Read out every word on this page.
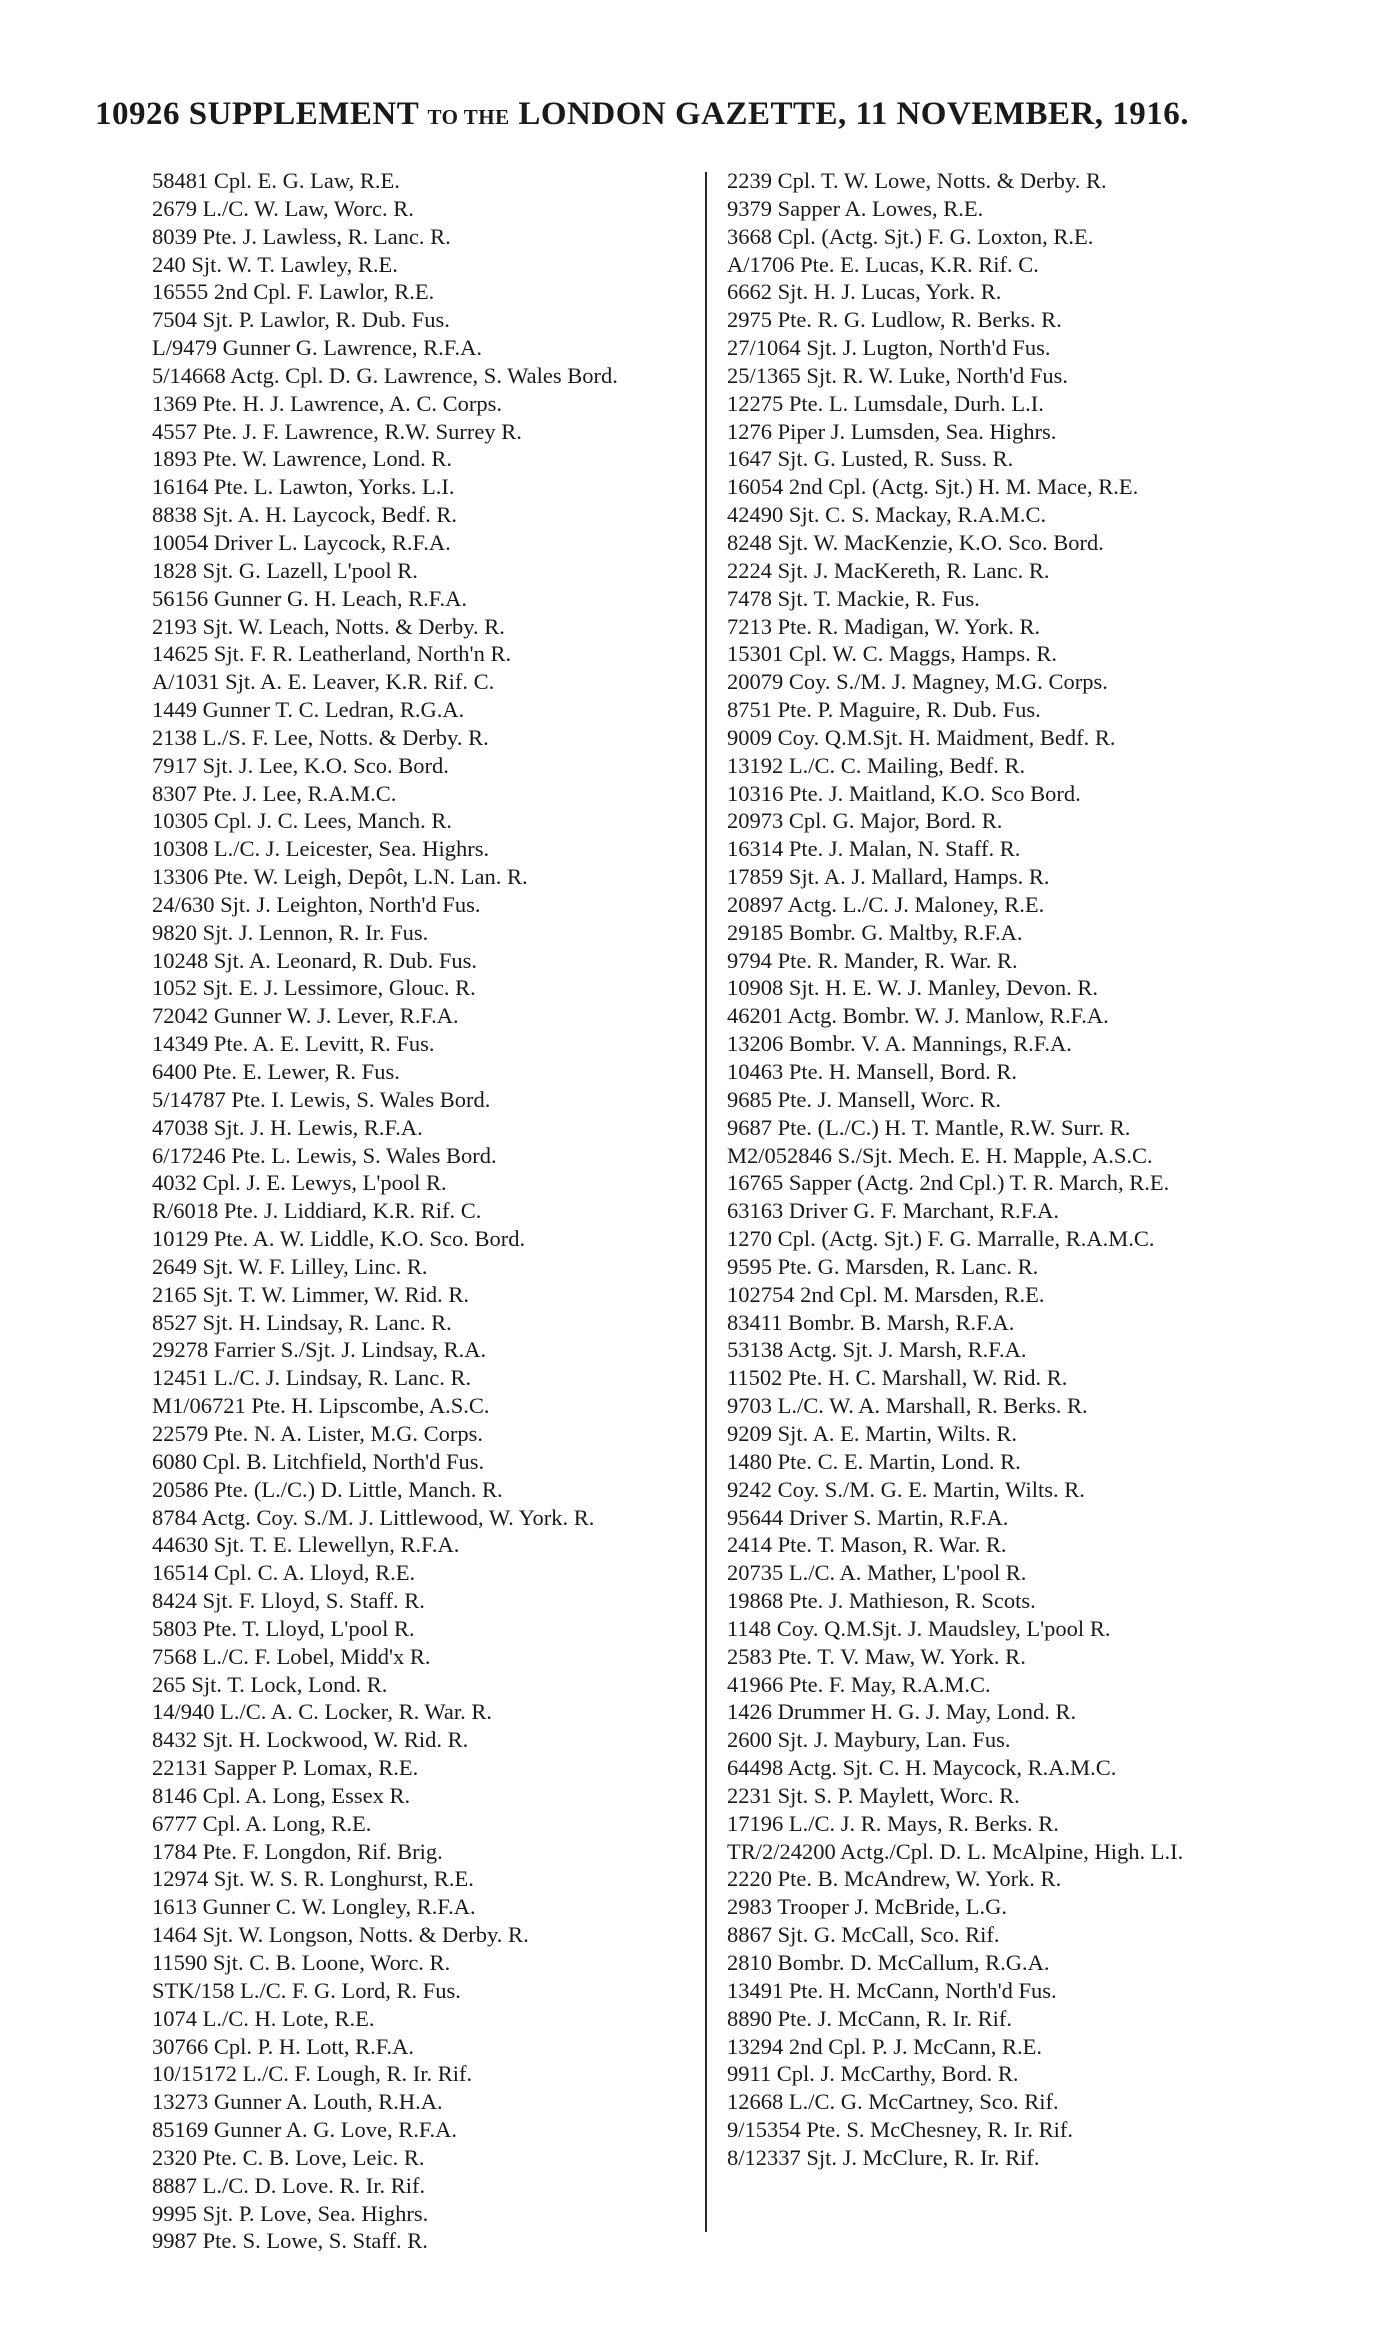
10926 SUPPLEMENT TO THE LONDON GAZETTE, 11 NOVEMBER, 1916.
58481 Cpl. E. G. Law, R.E.
2679 L./C. W. Law, Worc. R.
8039 Pte. J. Lawless, R. Lanc. R.
240 Sjt. W. T. Lawley, R.E.
16555 2nd Cpl. F. Lawlor, R.E.
7504 Sjt. P. Lawlor, R. Dub. Fus.
L/9479 Gunner G. Lawrence, R.F.A.
5/14668 Actg. Cpl. D. G. Lawrence, S. Wales Bord.
1369 Pte. H. J. Lawrence, A. C. Corps.
4557 Pte. J. F. Lawrence, R.W. Surrey R.
1893 Pte. W. Lawrence, Lond. R.
16164 Pte. L. Lawton, Yorks. L.I.
8838 Sjt. A. H. Laycock, Bedf. R.
10054 Driver L. Laycock, R.F.A.
1828 Sjt. G. Lazell, L'pool R.
56156 Gunner G. H. Leach, R.F.A.
2193 Sjt. W. Leach, Notts. & Derby. R.
14625 Sjt. F. R. Leatherland, North'n R.
A/1031 Sjt. A. E. Leaver, K.R. Rif. C.
1449 Gunner T. C. Ledran, R.G.A.
2138 L./S. F. Lee, Notts. & Derby. R.
7917 Sjt. J. Lee, K.O. Sco. Bord.
8307 Pte. J. Lee, R.A.M.C.
10305 Cpl. J. C. Lees, Manch. R.
10308 L./C. J. Leicester, Sea. Highrs.
13306 Pte. W. Leigh, Depôt, L.N. Lan. R.
24/630 Sjt. J. Leighton, North'd Fus.
9820 Sjt. J. Lennon, R. Ir. Fus.
10248 Sjt. A. Leonard, R. Dub. Fus.
1052 Sjt. E. J. Lessimore, Glouc. R.
72042 Gunner W. J. Lever, R.F.A.
14349 Pte. A. E. Levitt, R. Fus.
6400 Pte. E. Lewer, R. Fus.
5/14787 Pte. I. Lewis, S. Wales Bord.
47038 Sjt. J. H. Lewis, R.F.A.
6/17246 Pte. L. Lewis, S. Wales Bord.
4032 Cpl. J. E. Lewys, L'pool R.
R/6018 Pte. J. Liddiard, K.R. Rif. C.
10129 Pte. A. W. Liddle, K.O. Sco. Bord.
2649 Sjt. W. F. Lilley, Linc. R.
2165 Sjt. T. W. Limmer, W. Rid. R.
8527 Sjt. H. Lindsay, R. Lanc. R.
29278 Farrier S./Sjt. J. Lindsay, R.A.
12451 L./C. J. Lindsay, R. Lanc. R.
M1/06721 Pte. H. Lipscombe, A.S.C.
22579 Pte. N. A. Lister, M.G. Corps.
6080 Cpl. B. Litchfield, North'd Fus.
20586 Pte. (L./C.) D. Little, Manch. R.
8784 Actg. Coy. S./M. J. Littlewood, W. York. R.
44630 Sjt. T. E. Llewellyn, R.F.A.
16514 Cpl. C. A. Lloyd, R.E.
8424 Sjt. F. Lloyd, S. Staff. R.
5803 Pte. T. Lloyd, L'pool R.
7568 L./C. F. Lobel, Midd'x R.
265 Sjt. T. Lock, Lond. R.
14/940 L./C. A. C. Locker, R. War. R.
8432 Sjt. H. Lockwood, W. Rid. R.
22131 Sapper P. Lomax, R.E.
8146 Cpl. A. Long, Essex R.
6777 Cpl. A. Long, R.E.
1784 Pte. F. Longdon, Rif. Brig.
12974 Sjt. W. S. R. Longhurst, R.E.
1613 Gunner C. W. Longley, R.F.A.
1464 Sjt. W. Longson, Notts. & Derby. R.
11590 Sjt. C. B. Loone, Worc. R.
STK/158 L./C. F. G. Lord, R. Fus.
1074 L./C. H. Lote, R.E.
30766 Cpl. P. H. Lott, R.F.A.
10/15172 L./C. F. Lough, R. Ir. Rif.
13273 Gunner A. Louth, R.H.A.
85169 Gunner A. G. Love, R.F.A.
2320 Pte. C. B. Love, Leic. R.
8887 L./C. D. Love. R. Ir. Rif.
9995 Sjt. P. Love, Sea. Highrs.
9987 Pte. S. Lowe, S. Staff. R.
2239 Cpl. T. W. Lowe, Notts. & Derby. R.
9379 Sapper A. Lowes, R.E.
3668 Cpl. (Actg. Sjt.) F. G. Loxton, R.E.
A/1706 Pte. E. Lucas, K.R. Rif. C.
6662 Sjt. H. J. Lucas, York. R.
2975 Pte. R. G. Ludlow, R. Berks. R.
27/1064 Sjt. J. Lugton, North'd Fus.
25/1365 Sjt. R. W. Luke, North'd Fus.
12275 Pte. L. Lumsdale, Durh. L.I.
1276 Piper J. Lumsden, Sea. Highrs.
1647 Sjt. G. Lusted, R. Suss. R.
16054 2nd Cpl. (Actg. Sjt.) H. M. Mace, R.E.
42490 Sjt. C. S. Mackay, R.A.M.C.
8248 Sjt. W. MacKenzie, K.O. Sco. Bord.
2224 Sjt. J. MacKereth, R. Lanc. R.
7478 Sjt. T. Mackie, R. Fus.
7213 Pte. R. Madigan, W. York. R.
15301 Cpl. W. C. Maggs, Hamps. R.
20079 Coy. S./M. J. Magney, M.G. Corps.
8751 Pte. P. Maguire, R. Dub. Fus.
9009 Coy. Q.M.Sjt. H. Maidment, Bedf. R.
13192 L./C. C. Mailing, Bedf. R.
10316 Pte. J. Maitland, K.O. Sco Bord.
20973 Cpl. G. Major, Bord. R.
16314 Pte. J. Malan, N. Staff. R.
17859 Sjt. A. J. Mallard, Hamps. R.
20897 Actg. L./C. J. Maloney, R.E.
29185 Bombr. G. Maltby, R.F.A.
9794 Pte. R. Mander, R. War. R.
10908 Sjt. H. E. W. J. Manley, Devon. R.
46201 Actg. Bombr. W. J. Manlow, R.F.A.
13206 Bombr. V. A. Mannings, R.F.A.
10463 Pte. H. Mansell, Bord. R.
9685 Pte. J. Mansell, Worc. R.
9687 Pte. (L./C.) H. T. Mantle, R.W. Surr. R.
M2/052846 S./Sjt. Mech. E. H. Mapple, A.S.C.
16765 Sapper (Actg. 2nd Cpl.) T. R. March, R.E.
63163 Driver G. F. Marchant, R.F.A.
1270 Cpl. (Actg. Sjt.) F. G. Marralle, R.A.M.C.
9595 Pte. G. Marsden, R. Lanc. R.
102754 2nd Cpl. M. Marsden, R.E.
83411 Bombr. B. Marsh, R.F.A.
53138 Actg. Sjt. J. Marsh, R.F.A.
11502 Pte. H. C. Marshall, W. Rid. R.
9703 L./C. W. A. Marshall, R. Berks. R.
9209 Sjt. A. E. Martin, Wilts. R.
1480 Pte. C. E. Martin, Lond. R.
9242 Coy. S./M. G. E. Martin, Wilts. R.
95644 Driver S. Martin, R.F.A.
2414 Pte. T. Mason, R. War. R.
20735 L./C. A. Mather, L'pool R.
19868 Pte. J. Mathieson, R. Scots.
1148 Coy. Q.M.Sjt. J. Maudsley, L'pool R.
2583 Pte. T. V. Maw, W. York. R.
41966 Pte. F. May, R.A.M.C.
1426 Drummer H. G. J. May, Lond. R.
2600 Sjt. J. Maybury, Lan. Fus.
64498 Actg. Sjt. C. H. Maycock, R.A.M.C.
2231 Sjt. S. P. Maylett, Worc. R.
17196 L./C. J. R. Mays, R. Berks. R.
TR/2/24200 Actg./Cpl. D. L. McAlpine, High. L.I.
2220 Pte. B. McAndrew, W. York. R.
2983 Trooper J. McBride, L.G.
8867 Sjt. G. McCall, Sco. Rif.
2810 Bombr. D. McCallum, R.G.A.
13491 Pte. H. McCann, North'd Fus.
8890 Pte. J. McCann, R. Ir. Rif.
13294 2nd Cpl. P. J. McCann, R.E.
9911 Cpl. J. McCarthy, Bord. R.
12668 L./C. G. McCartney, Sco. Rif.
9/15354 Pte. S. McChesney, R. Ir. Rif.
8/12337 Sjt. J. McClure, R. Ir. Rif.
